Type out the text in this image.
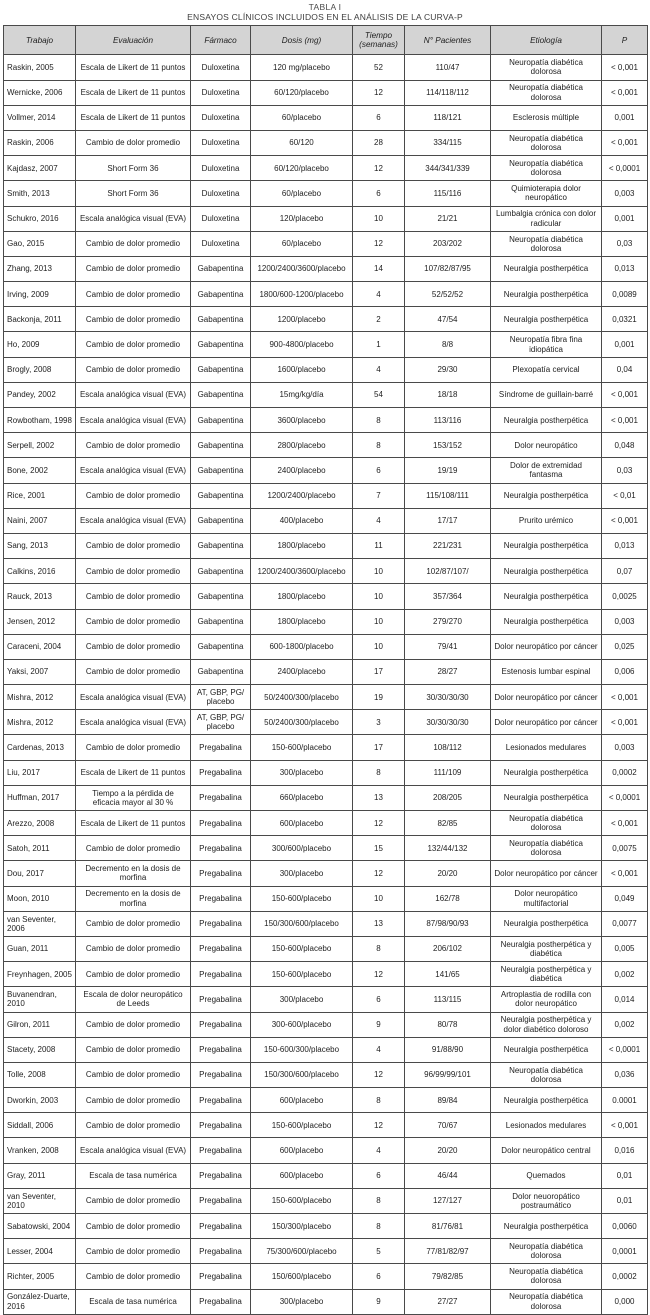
TABLA I
ENSAYOS CLÍNICOS INCLUIDOS EN EL ANÁLISIS DE LA CURVA-P
Trabajo	Evaluación	Fármaco	Dosis (mg)	Tiempo (semanas)	N° Pacientes	Etiología	P
Raskin, 2005	Escala de Likert de 11 puntos	Duloxetina	120 mg/​placebo	52	110/​47	Neuropatía diabética dolorosa	< 0,001
Wernicke, 2006	Escala de Likert de 11 puntos	Duloxetina	60/​120/​placebo	12	114/​118/​112	Neuropatía diabética dolorosa	< 0,001
Vollmer, 2014	Escala de Likert de 11 puntos	Duloxetina	60/​placebo	6	118/​121	Esclerosis múltiple	0,001
Raskin, 2006	Cambio de dolor promedio	Duloxetina	60/​120	28	334/​115	Neuropatía diabética dolorosa	< 0,001
Kajdasz, 2007	Short Form 36	Duloxetina	60/​120/​placebo	12	344/​341/​339	Neuropatía diabética dolorosa	< 0,0001
Smith, 2013	Short Form 36	Duloxetina	60/​placebo	6	115/​116	Quimioterapia dolor neuropático	0,003
Schukro, 2016	Escala analógica visual (EVA)	Duloxetina	120/​placebo	10	21/​21	Lumbalgia crónica con dolor radicular	0,001
Gao, 2015	Cambio de dolor promedio	Duloxetina	60/​placebo	12	203/​202	Neuropatía diabética dolorosa	0,03
Zhang, 2013	Cambio de dolor promedio	Gabapentina	1200/​2400/​3600/​placebo	14	107/​82/​87/​95	Neuralgia postherpética	0,013
Irving, 2009	Cambio de dolor promedio	Gabapentina	1800/​600-1200/​placebo	4	52/​52/​52	Neuralgia postherpética	0,0089
Backonja, 2011	Cambio de dolor promedio	Gabapentina	1200/​placebo	2	47/​54	Neuralgia postherpética	0,0321
Ho, 2009	Cambio de dolor promedio	Gabapentina	900-4800/​placebo	1	8/​8	Neuropatía fibra fina idiopática	0,001
Brogly, 2008	Cambio de dolor promedio	Gabapentina	1600/​placebo	4	29/​30	Plexopatía cervical	0,04
Pandey, 2002	Escala analógica visual (EVA)	Gabapentina	15mg/​kg/​día	54	18/​18	Síndrome de guillain-barré	< 0,001
Rowbotham, 1998	Escala analógica visual (EVA)	Gabapentina	3600/​placebo	8	113/​116	Neuralgia postherpética	< 0,001
Serpell, 2002	Cambio de dolor promedio	Gabapentina	2800/​placebo	8	153/​152	Dolor neuropático	0,048
Bone, 2002	Escala analógica visual (EVA)	Gabapentina	2400/​placebo	6	19/​19	Dolor de extremidad fantasma	0,03
Rice, 2001	Cambio de dolor promedio	Gabapentina	1200/​2400/​placebo	7	115/​108/​111	Neuralgia postherpética	< 0,01
Naini, 2007	Escala analógica visual (EVA)	Gabapentina	400/​placebo	4	17/​17	Prurito urémico	< 0,001
Sang, 2013	Cambio de dolor promedio	Gabapentina	1800/​placebo	11	221/​231	Neuralgia postherpética	0,013
Calkins, 2016	Cambio de dolor promedio	Gabapentina	1200/​2400/​3600/​placebo	10	102/​87/​107/​	Neuralgia postherpética	0,07
Rauck, 2013	Cambio de dolor promedio	Gabapentina	1800/​placebo	10	357/​364	Neuralgia postherpética	0,0025
Jensen, 2012	Cambio de dolor promedio	Gabapentina	1800/​placebo	10	279/​270	Neuralgia postherpética	0,003
Caraceni, 2004	Cambio de dolor promedio	Gabapentina	600-1800/​placebo	10	79/​41	Dolor neuropático por cáncer	0,025
Yaksi, 2007	Cambio de dolor promedio	Gabapentina	2400/​placebo	17	28/​27	Estenosis lumbar espinal	0,006
Mishra, 2012	Escala analógica visual (EVA)	AT, GBP, PG/​placebo	50/​2400/​300/​placebo	19	30/​30/​30/​30	Dolor neuropático por cáncer	< 0,001
Mishra, 2012	Escala analógica visual (EVA)	AT, GBP, PG/​placebo	50/​2400/​300/​placebo	3	30/​30/​30/​30	Dolor neuropático por cáncer	< 0,001
Cardenas, 2013	Cambio de dolor promedio	Pregabalina	150-600/​placebo	17	108/​112	Lesionados medulares	0,003
Liu, 2017	Escala de Likert de 11 puntos	Pregabalina	300/​placebo	8	111/​109	Neuralgia postherpética	0,0002
Huffman, 2017	Tiempo a la pérdida de eficacia mayor al 30 %	Pregabalina	660/​placebo	13	208/​205	Neuralgia postherpética	< 0,0001
Arezzo, 2008	Escala de Likert de 11 puntos	Pregabalina	600/​placebo	12	82/​85	Neuropatía diabética dolorosa	< 0,001
Satoh, 2011	Cambio de dolor promedio	Pregabalina	300/​600/​placebo	15	132/​44/​132	Neuropatía diabética dolorosa	0,0075
Dou, 2017	Decremento en la dosis de morfina	Pregabalina	300/​placebo	12	20/​20	Dolor neuropático por cáncer	< 0,001
Moon, 2010	Decremento en la dosis de morfina	Pregabalina	150-600/​placebo	10	162/​78	Dolor neuropático multifactorial	0,049
van Seventer, 2006	Cambio de dolor promedio	Pregabalina	150/​300/​600/​placebo	13	87/​98/​90/​93	Neuralgia postherpética	0,0077
Guan, 2011	Cambio de dolor promedio	Pregabalina	150-600/​placebo	8	206/​102	Neuralgia postherpética y diabética	0,005
Freynhagen, 2005	Cambio de dolor promedio	Pregabalina	150-600/​placebo	12	141/​65	Neuralgia postherpética y diabética	0,002
Buvanendran, 2010	Escala de dolor neuropático de Leeds	Pregabalina	300/​placebo	6	113/​115	Artroplastia de rodilla con dolor neuropático	0,014
Gilron, 2011	Cambio de dolor promedio	Pregabalina	300-600/​placebo	9	80/​78	Neuralgia postherpética y dolor diabético doloroso	0,002
Stacety, 2008	Cambio de dolor promedio	Pregabalina	150-600/​300/​placebo	4	91/​88/​90	Neuralgia postherpética	< 0,0001
Tolle, 2008	Cambio de dolor promedio	Pregabalina	150/​300/​600/​placebo	12	96/​99/​99/​101	Neuropatía diabética dolorosa	0,036
Dworkin, 2003	Cambio de dolor promedio	Pregabalina	600/​placebo	8	89/​84	Neuralgia postherpética	0.0001
Siddall, 2006	Cambio de dolor promedio	Pregabalina	150-600/​placebo	12	70/​67	Lesionados medulares	< 0,001
Vranken, 2008	Escala analógica visual (EVA)	Pregabalina	600/​placebo	4	20/​20	Dolor neuropático central	0,016
Gray, 2011	Escala de tasa numérica	Pregabalina	600/​placebo	6	46/​44	Quemados	0,01
van Seventer, 2010	Cambio de dolor promedio	Pregabalina	150-600/​placebo	8	127/​127	Dolor neuoropático postraumático	0,01
Sabatowski, 2004	Cambio de dolor promedio	Pregabalina	150/​300/​placebo	8	81/​76/​81	Neuralgia postherpética	0,0060
Lesser, 2004	Cambio de dolor promedio	Pregabalina	75/​300/​600/​placebo	5	77/​81/​82/​97	Neuropatía diabética dolorosa	0,0001
Richter, 2005	Cambio de dolor promedio	Pregabalina	150/​600/​placebo	6	79/​82/​85	Neuropatía diabética dolorosa	0,0002
González-Duarte, 2016	Escala de tasa numérica	Pregabalina	300/​placebo	9	27/​27	Neuropatía diabética dolorosa	0,000
